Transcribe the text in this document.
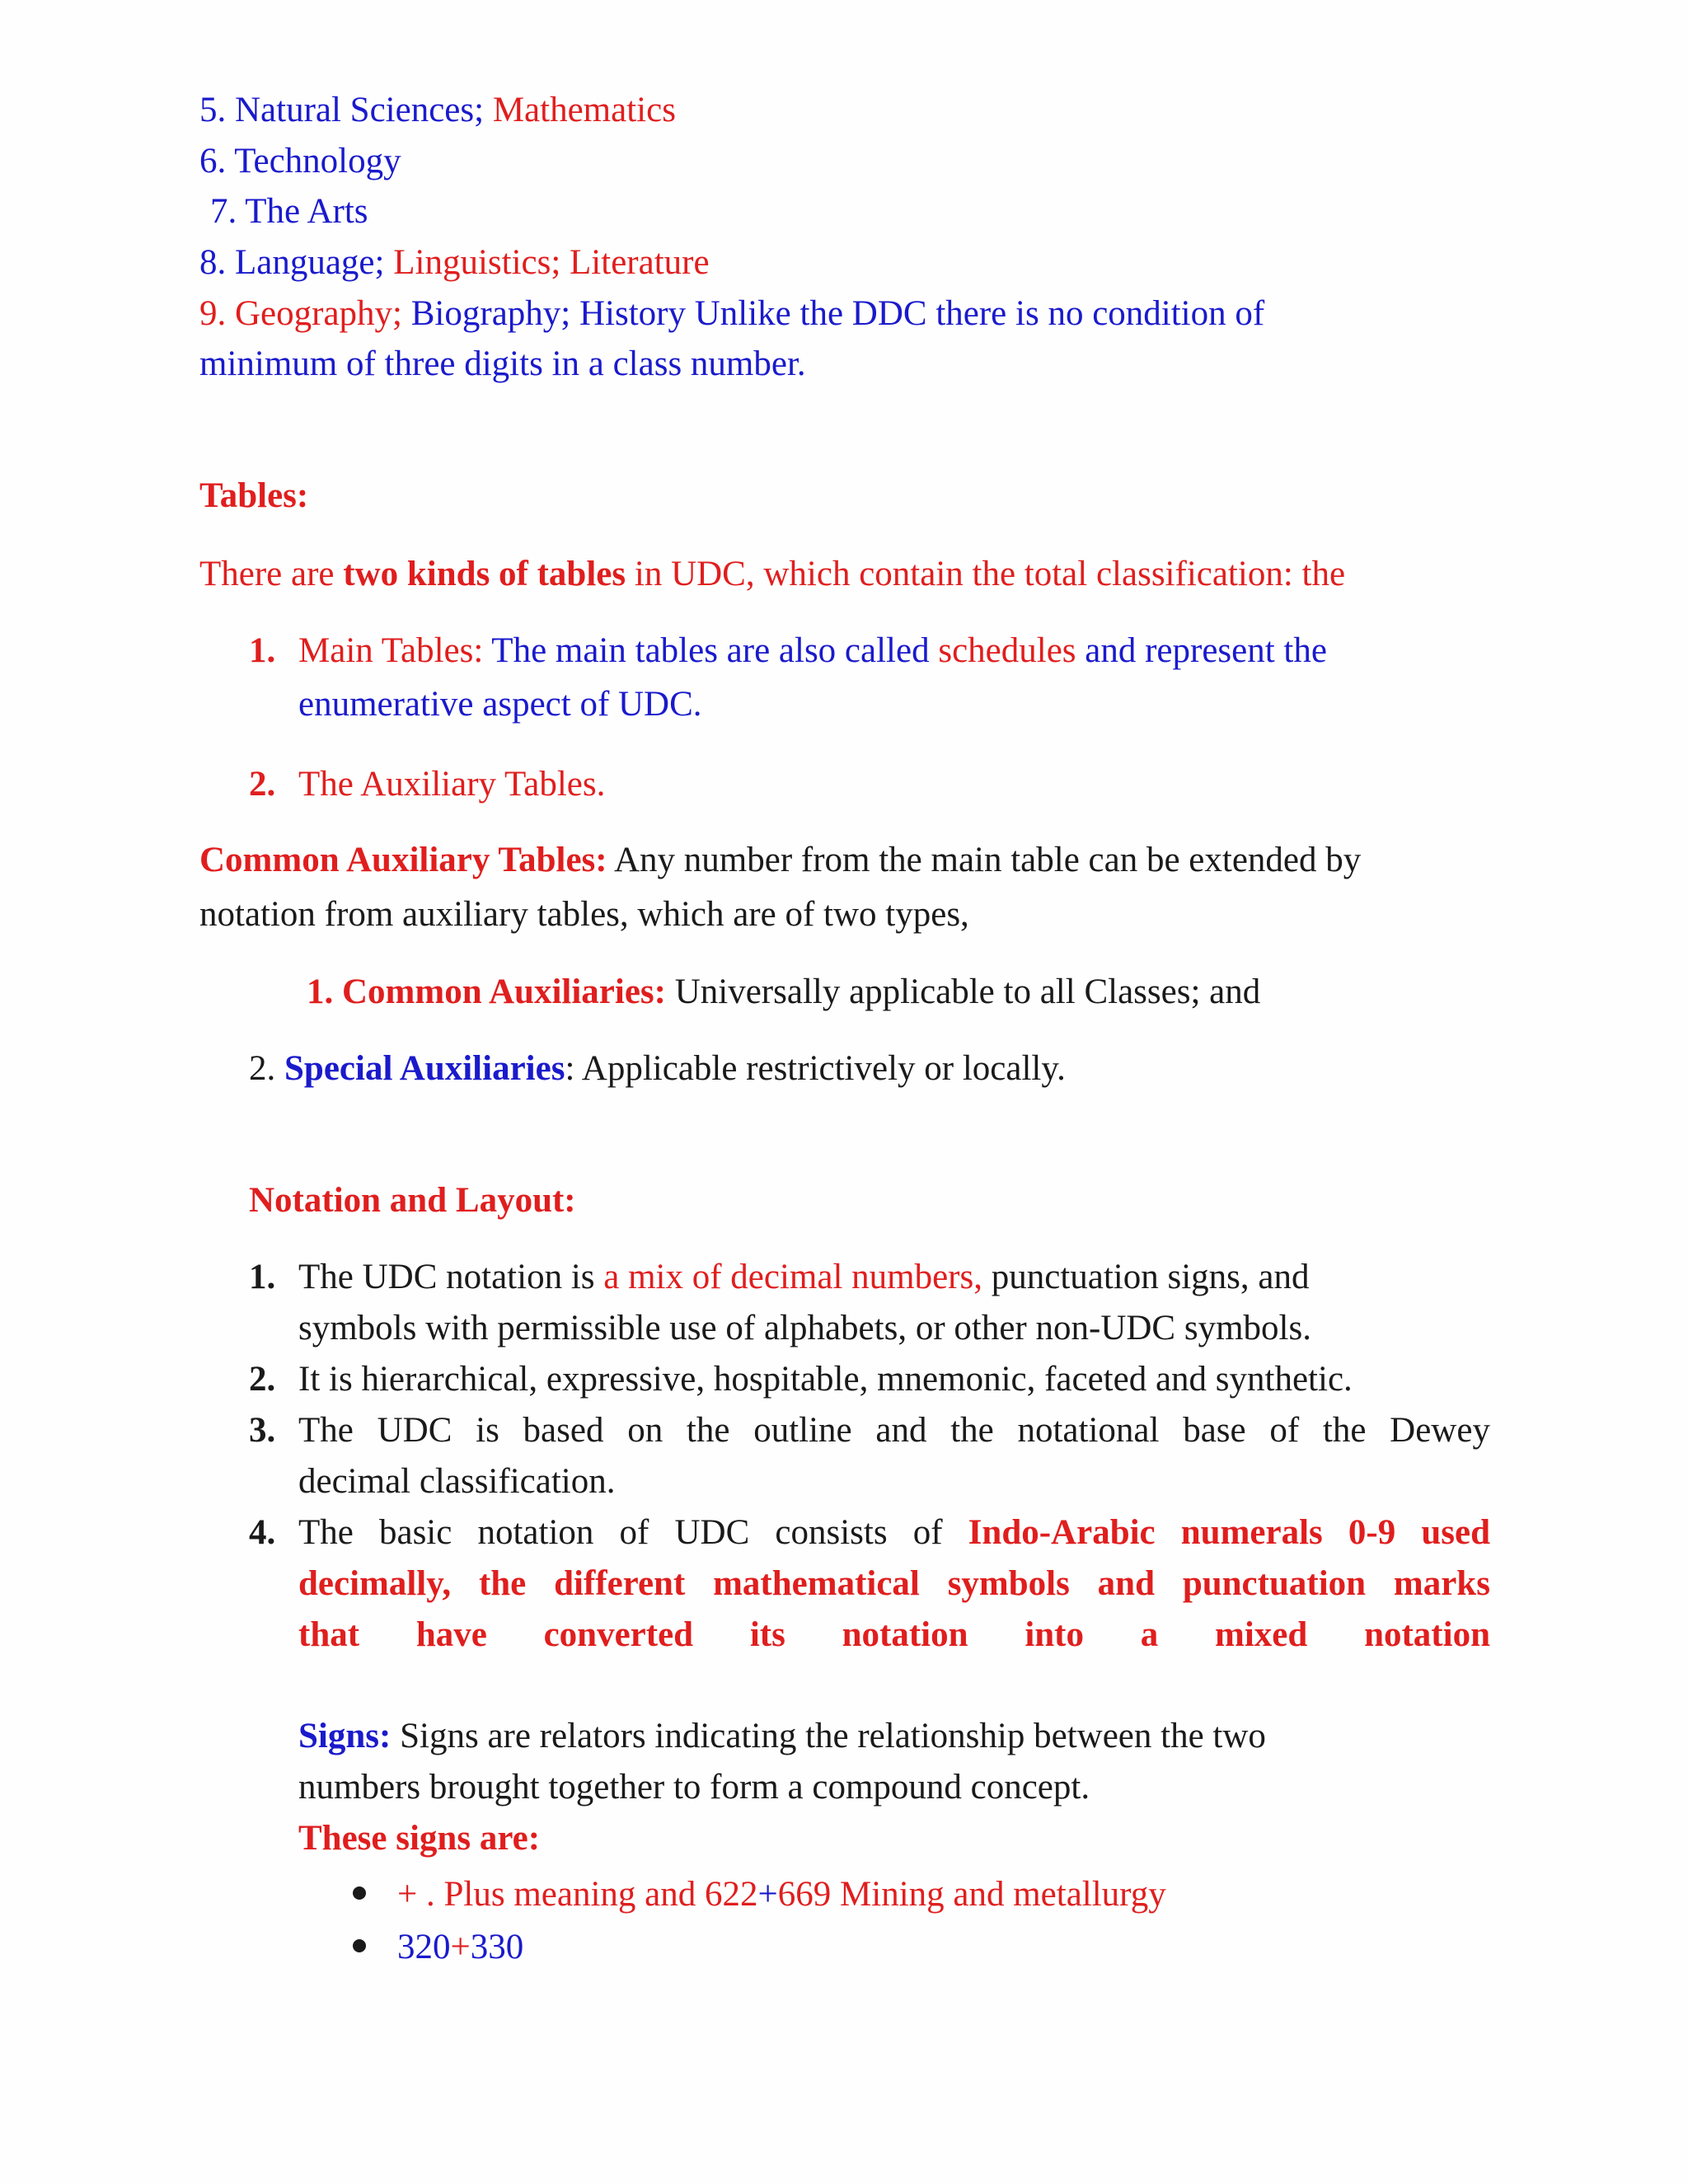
5. Natural Sciences; Mathematics
6. Technology
7. The Arts
8. Language; Linguistics; Literature
9. Geography; Biography; History Unlike the DDC there is no condition of
minimum of three digits in a class number.
Tables:
There are two kinds of tables in UDC, which contain the total classification: the
1. Main Tables: The main tables are also called schedules and represent the
enumerative aspect of UDC.
2. The Auxiliary Tables.
Common Auxiliary Tables: Any number from the main table can be extended by
notation from auxiliary tables, which are of two types,
1. Common Auxiliaries: Universally applicable to all Classes; and
2. Special Auxiliaries: Applicable restrictively or locally.
Notation and Layout:
1. The UDC notation is a mix of decimal numbers, punctuation signs, and
symbols with permissible use of alphabets, or other non-UDC symbols.
2. It is hierarchical, expressive, hospitable, mnemonic, faceted and synthetic.
3. The UDC is based on the outline and the notational base of the Dewey
decimal classification.
4. The basic notation of UDC consists of Indo-Arabic numerals 0-9 used
decimally, the different mathematical symbols and punctuation marks
that have converted its notation into a mixed notation
Signs: Signs are relators indicating the relationship between the two
numbers brought together to form a compound concept.
These signs are:
+ . Plus meaning and 622+669 Mining and metallurgy
320+330
